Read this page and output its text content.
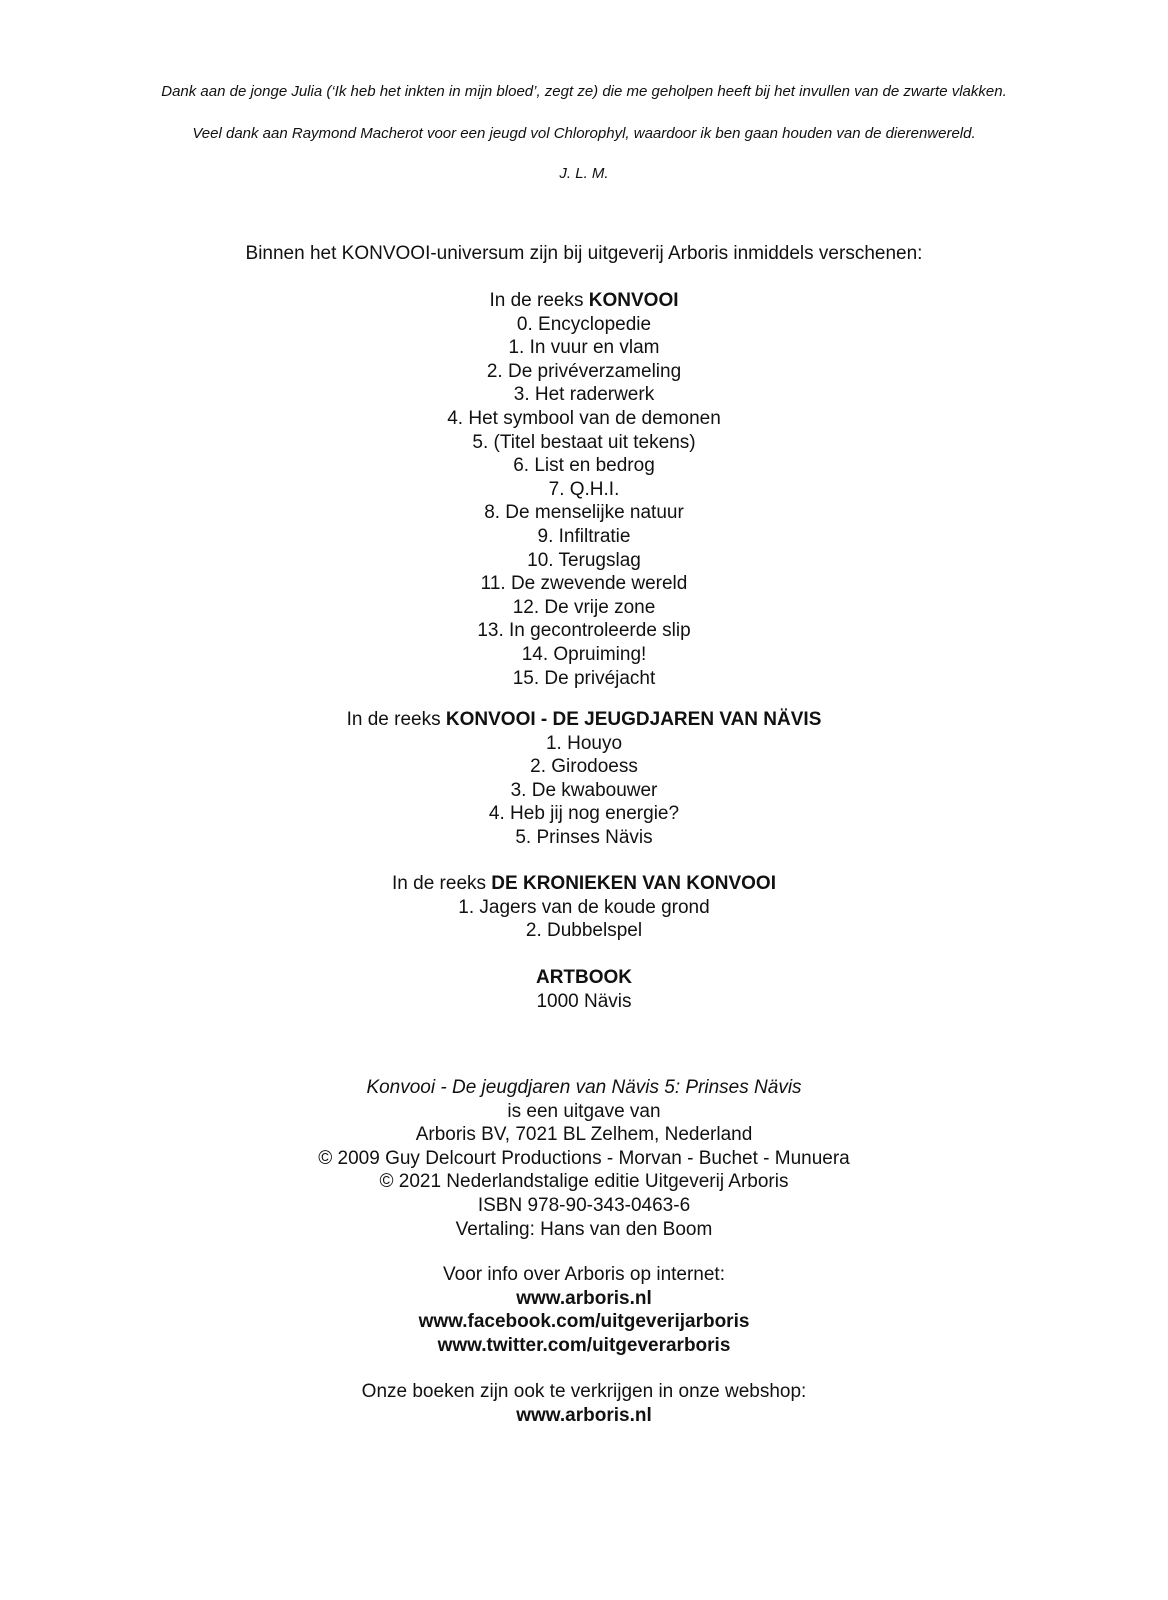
Dank aan de jonge Julia (‘Ik heb het inkten in mijn bloed’, zegt ze) die me geholpen heeft bij het invullen van de zwarte vlakken.
Veel dank aan Raymond Macherot voor een jeugd vol Chlorophyl, waardoor ik ben gaan houden van de dierenwereld.
J. L. M.
Binnen het KONVOOI-universum zijn bij uitgeverij Arboris inmiddels verschenen:
In de reeks KONVOOI
0. Encyclopedie
1. In vuur en vlam
2. De privéverzameling
3. Het raderwerk
4. Het symbool van de demonen
5. (Titel bestaat uit tekens)
6. List en bedrog
7. Q.H.I.
8. De menselijke natuur
9. Infiltratie
10. Terugslag
11. De zwevende wereld
12. De vrije zone
13. In gecontroleerde slip
14. Opruiming!
15. De privéjacht
In de reeks KONVOOI - DE JEUGDJAREN VAN NÄVIS
1. Houyo
2. Girodoess
3. De kwabouwer
4. Heb jij nog energie?
5. Prinses Nävis
In de reeks DE KRONIEKEN VAN KONVOOI
1. Jagers van de koude grond
2. Dubbelspel
ARTBOOK
1000 Nävis
Konvooi - De jeugdjaren van Nävis 5: Prinses Nävis
is een uitgave van
Arboris BV, 7021 BL Zelhem, Nederland
© 2009 Guy Delcourt Productions - Morvan - Buchet - Munuera
© 2021 Nederlandstalige editie Uitgeverij Arboris
ISBN 978-90-343-0463-6
Vertaling: Hans van den Boom
Voor info over Arboris op internet:
www.arboris.nl
www.facebook.com/uitgeverijarboris
www.twitter.com/uitgeverarboris
Onze boeken zijn ook te verkrijgen in onze webshop:
www.arboris.nl
